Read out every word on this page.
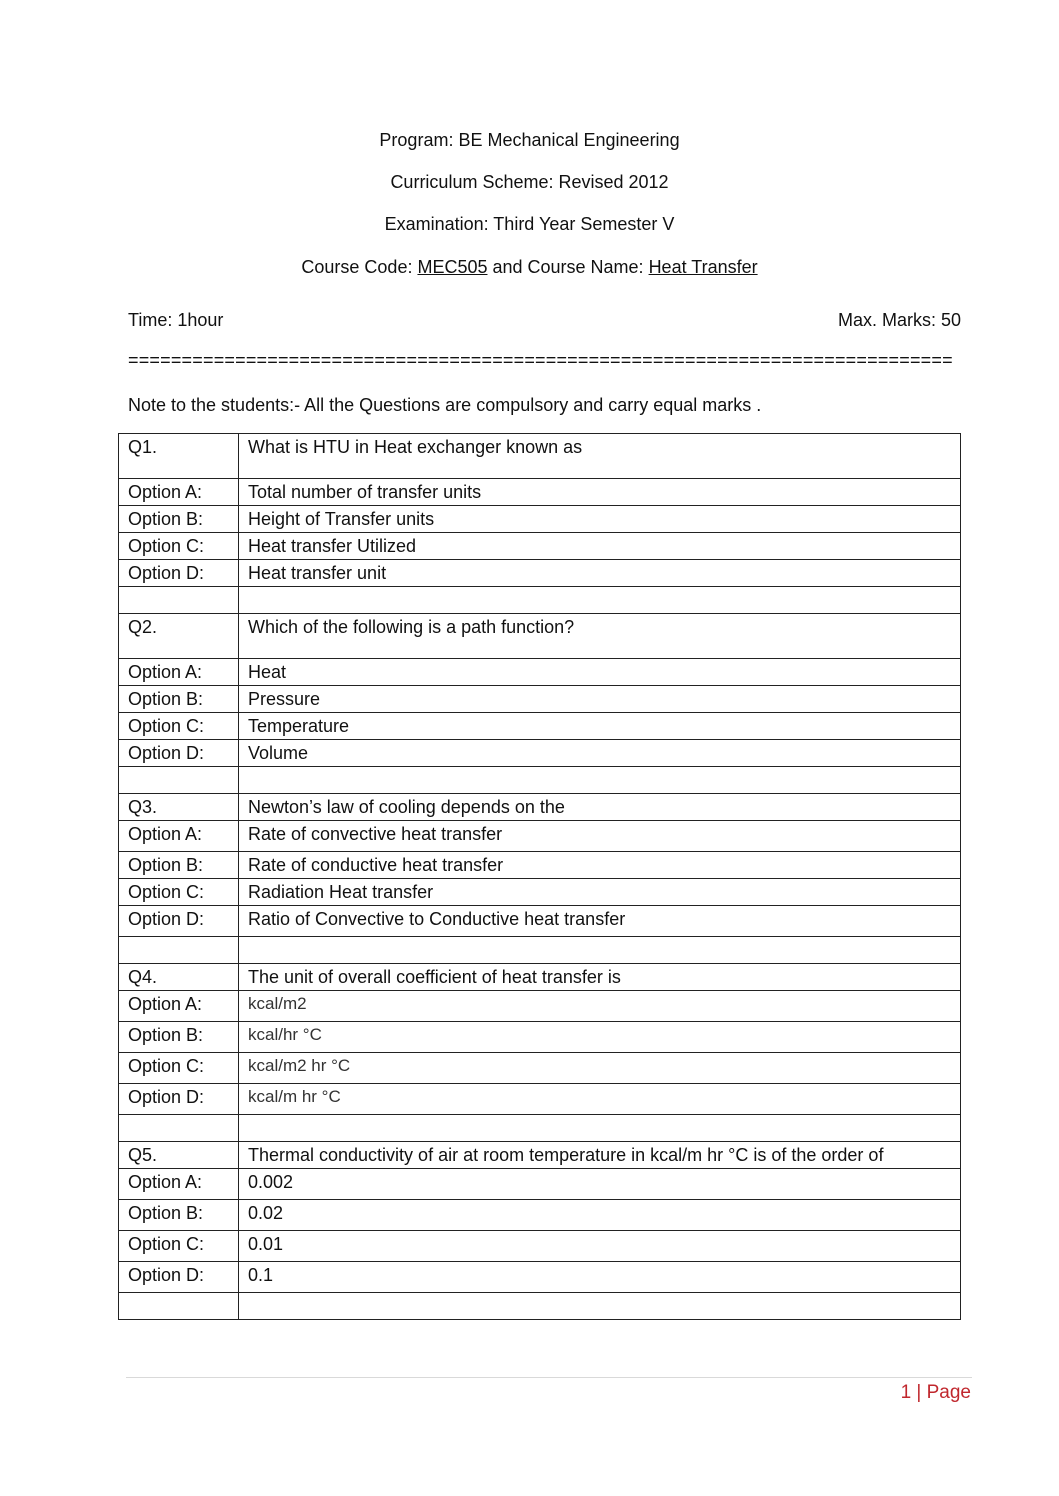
Program: BE Mechanical Engineering
Curriculum Scheme: Revised 2012
Examination: Third Year Semester V
Course Code: MEC505 and Course Name: Heat Transfer
Time: 1hour	Max. Marks: 50
=============================================================================
Note to the students:- All the Questions are compulsory and carry equal marks .
Q1.	What is HTU in Heat exchanger known as
Option A:	Total number of transfer units
Option B:	Height of Transfer units
Option C:	Heat transfer Utilized
Option D:	Heat transfer unit

Q2.	Which of the following is a path function?
Option A:	Heat
Option B:	Pressure
Option C:	Temperature
Option D:	Volume

Q3.	Newton’s law of cooling depends on the
Option A:	Rate of convective heat transfer
Option B:	Rate of conductive heat transfer
Option C:	Radiation Heat transfer
Option D:	Ratio of Convective to Conductive heat transfer

Q4.	The unit of overall coefficient of heat transfer is
Option A:	kcal/m2
Option B:	kcal/hr °C
Option C:	kcal/m2 hr °C
Option D:	kcal/m hr °C

Q5.	Thermal conductivity of air at room temperature in kcal/m hr °C is of the order of
Option A:	0.002
Option B:	0.02
Option C:	0.01
Option D:	0.1

1 | Page
